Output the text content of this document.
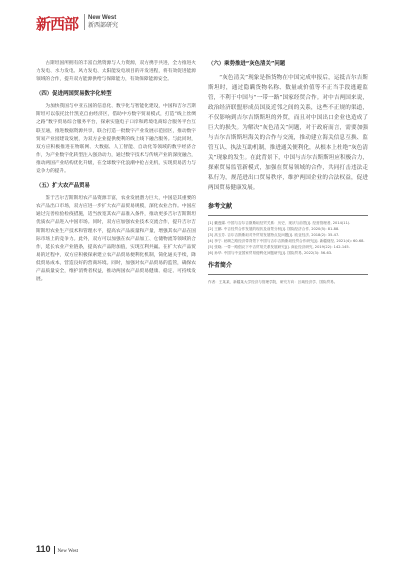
新西部 New West
新西部研究

古斯坦国所拥有的丰富自然资源与人力资源，双方携手共进，全力推进火力发电、水力发电、风力发电、太阳能发电项目的开发进程，将有效促进能源领域的合作，提升双方能源供给与保障能力，有效保障能源安全。

（四）促进两国贸易数字化转型

为加快我国与中亚五国的信息化、数字化与智能化建设，中国和吉尔吉斯斯坦可以依托比什凯克自由经济区，借助中方数字贸易模式，打造“线上丝绸之路”数字贸易综合服务平台，探索实施电子口岸和跨境电商综合服务平台互联互通，推进数据资源共享，联合打造一批数字产业发展示范园区，推动数字贸易产业园建设发展，为双方企业提供便利的线上线下融合服务。与此同时，双方应积极推进在物联网、大数据、人工智能、自动化等领域的数字经济合作，为产业数字化转型注入强劲动力，通过数字技术与传统产业的深度融合，推动两国产业结构优化升级，在全球数字化浪潮中抢占先机，实现贸易活力与竞争力的提升。

（五）扩大农产品贸易

鉴于吉尔吉斯斯坦农产品资源丰富，农业发展潜力巨大，中国是其重要的农产品出口市场，双方应进一步扩大农产品贸易规模，深化农业合作。中国应通过完善检验检疫措施，适当放宽其农产品准入条件，推动更多吉尔吉斯斯坦优质农产品进入中国市场。同时，双方应加强农业技术交流合作，提升吉尔吉斯斯坦农业生产技术和管理水平，提高农产品质量和产量，增强其农产品在国际市场上的竞争力。此外，双方可以加强在农产品加工、仓储物流等领域的合作，延长农业产业链条，提高农产品附加值，实现互利共赢。在扩大农产品贸易的过程中，双方应积极探索建立农产品贸易便利化机制，简化通关手续，降低贸易成本，营造良好的营商环境。同时，加强对农产品贸易的监管，确保农产品质量安全，维护消费者权益，推动两国农产品贸易健康、稳定、可持续发展。

（六）乘势推进“灰色清关”问题

“灰色清关”现象是指货物在中国完成申报后，运抵吉尔吉斯斯坦时，通过隐瞒货物名称、数量或价值等不正当手段逃避监管，不利于中国与“一带一路”国家经贸合作。对中吉两国来说，政治经济联盟形成员国及近邻之间的关系，这些不正规的渠道，不仅影响到吉尔吉斯斯坦的外贸，而且对中国出口企业也造成了巨大的损失。为解决“灰色清关”问题，对于政府而言，需要加强与吉尔吉斯斯坦海关的合作与交流，推动建立海关信息互换、监管互认、执法互助机制，推进通关便利化，从根本上杜绝“灰色清关”现象的发生。在此背景下，中国与吉尔吉斯斯坦应积极合力，探索贸易监管新模式，加强在贸易领域的合作，共同打击违法走私行为，规范进出口贸易秩序，维护两国企业的合法权益，促进两国贸易健康发展。

参考文献

[1] 戴莲娣. 中国与吉尔吉斯斯坦经贸关系：历史、现状与前景[J]. 经营管理者, 2014(11).

[2] 王鹏. 中吉经贸合作发展的现状及前景分析[J]. 国际经济合作, 2020(5): 81-88.

[3] 高玉芳. 吉尔吉斯斯坦对外贸易发展特点及问题[J]. 欧亚经济, 2018(2): 35-47.

[4] 李宁. 丝绸之路经济带背景下中国与吉尔吉斯斯坦经贸合作研究[J]. 新疆财经, 2021(4): 60-68.

[5] 张晓. 一带一路倡议下中吉贸易关系发展研究[J]. 商业经济研究, 2019(22): 142-145.

[6] 孙华. 中国与中亚国家贸易便利化问题研究[J]. 国际贸易, 2022(3): 56-63.

作者简介

作者：王某某，新疆某大学经济与管理学院，研究方向：区域经济学、国际贸易。

110 New West
